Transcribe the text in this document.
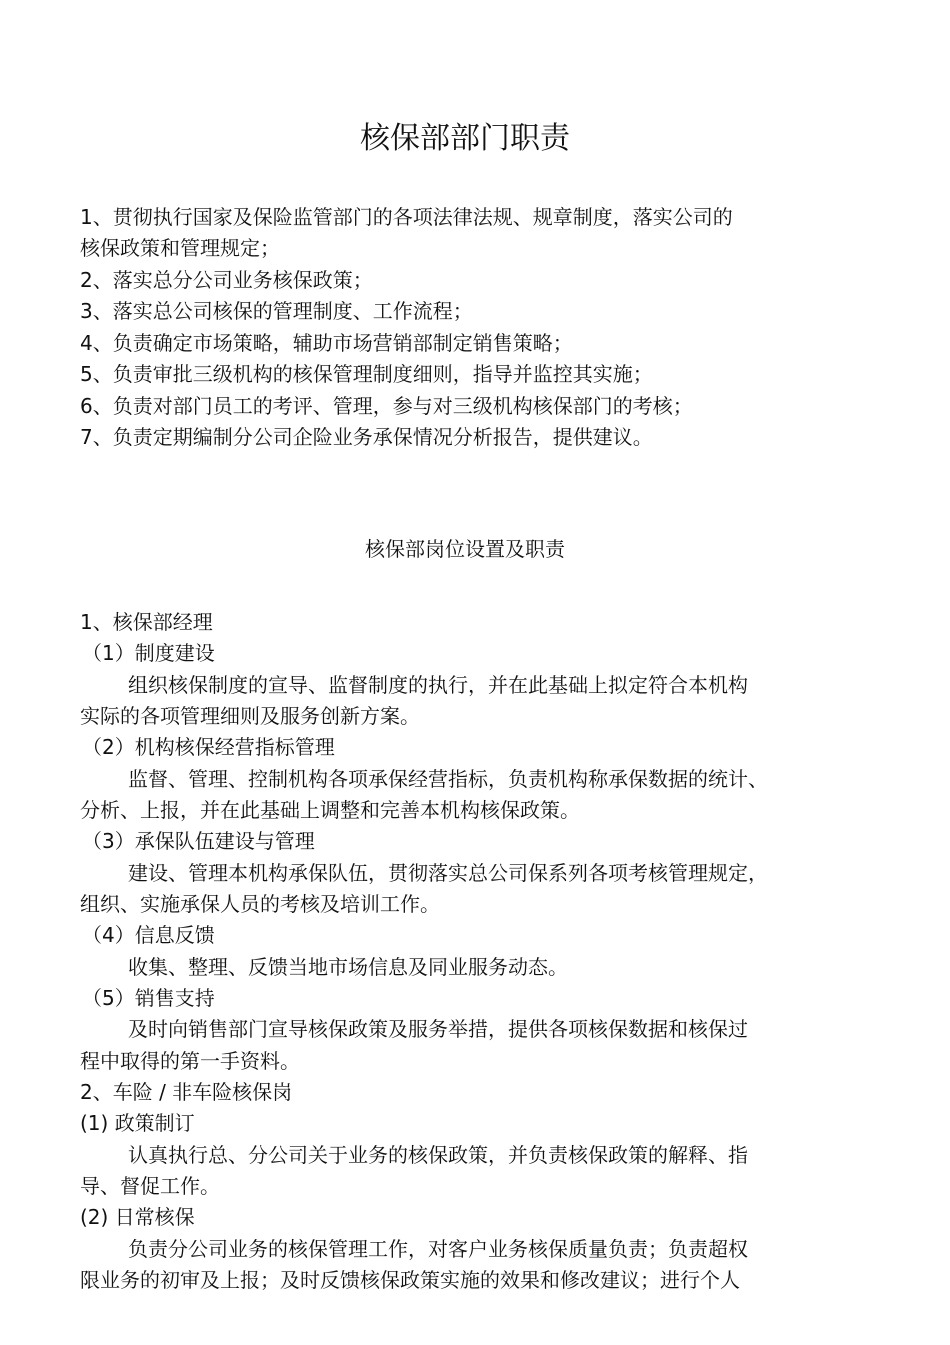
核保部部门职责
1、贯彻执行国家及保险监管部门的各项法律法规、规章制度，落实公司的
核保政策和管理规定；
2、落实总分公司业务核保政策；
3、落实总公司核保的管理制度、工作流程；
4、负责确定市场策略，辅助市场营销部制定销售策略；
5、负责审批三级机构的核保管理制度细则，指导并监控其实施；
6、负责对部门员工的考评、管理，参与对三级机构核保部门的考核；
7、负责定期编制分公司企险业务承保情况分析报告，提供建议。
核保部岗位设置及职责
1、核保部经理
（1）制度建设
组织核保制度的宣导、监督制度的执行，并在此基础上拟定符合本机构
实际的各项管理细则及服务创新方案。
（2）机构核保经营指标管理
监督、管理、控制机构各项承保经营指标，负责机构称承保数据的统计、
分析、上报，并在此基础上调整和完善本机构核保政策。
（3）承保队伍建设与管理
建设、管理本机构承保队伍，贯彻落实总公司保系列各项考核管理规定，
组织、实施承保人员的考核及培训工作。
（4）信息反馈
收集、整理、反馈当地市场信息及同业服务动态。
（5）销售支持
及时向销售部门宣导核保政策及服务举措，提供各项核保数据和核保过
程中取得的第一手资料。
2、车险 / 非车险核保岗
(1) 政策制订
认真执行总、分公司关于业务的核保政策，并负责核保政策的解释、指
导、督促工作。
(2) 日常核保
负责分公司业务的核保管理工作，对客户业务核保质量负责；负责超权
限业务的初审及上报；及时反馈核保政策实施的效果和修改建议；进行个人
